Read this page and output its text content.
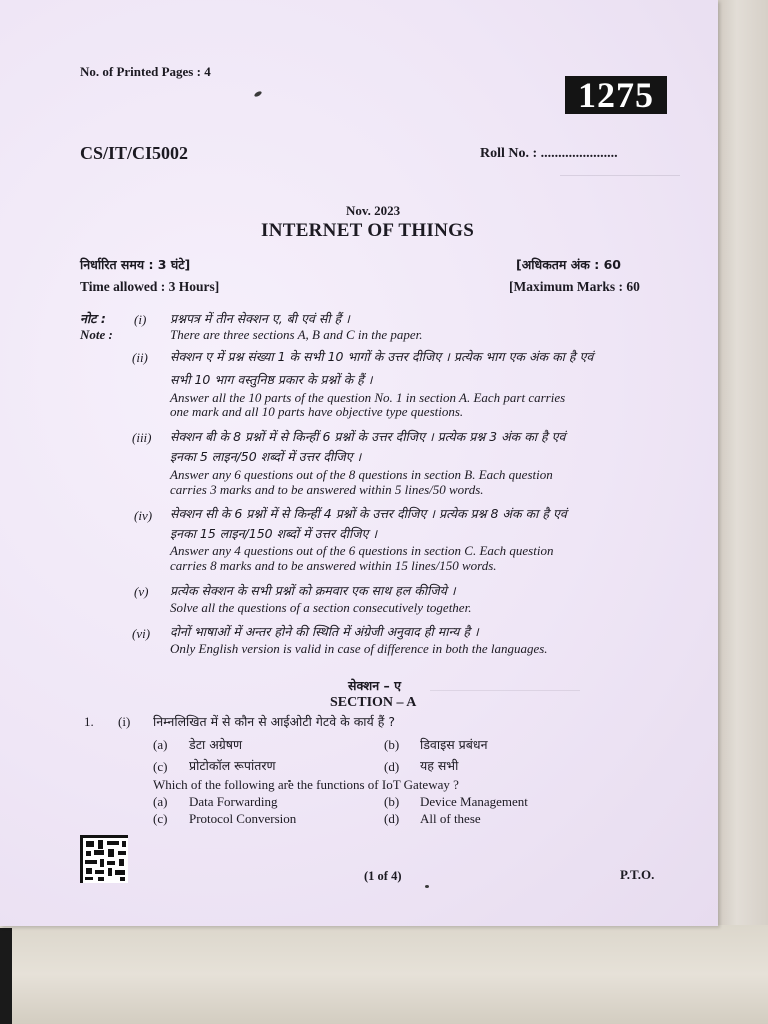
No. of Printed Pages : 4
1275
CS/IT/CI5002	Roll No. : ......................
Nov. 2023
INTERNET OF THINGS
निर्धारित समय : 3 घंटे]	[अधिकतम अंक : 60
Time allowed : 3 Hours]	[Maximum Marks : 60
नोट :
Note :
(i) प्रश्नपत्र में तीन सेक्शन ए, बी एवं सी हैं ।
There are three sections A, B and C in the paper.
(ii) सेक्शन ए में प्रश्न संख्या 1 के सभी 10 भागों के उत्तर दीजिए । प्रत्येक भाग एक अंक का है एवं
सभी 10 भाग वस्तुनिष्ठ प्रकार के प्रश्नों के हैं ।
Answer all the 10 parts of the question No. 1 in section A. Each part carries
one mark and all 10 parts have objective type questions.
(iii) सेक्शन बी के 8 प्रश्नों में से किन्हीं 6 प्रश्नों के उत्तर दीजिए । प्रत्येक प्रश्न 3 अंक का है एवं
इनका 5 लाइन/50 शब्दों में उत्तर दीजिए ।
Answer any 6 questions out of the 8 questions in section B. Each question
carries 3 marks and to be answered within 5 lines/50 words.
(iv) सेक्शन सी के 6 प्रश्नों में से किन्हीं 4 प्रश्नों के उत्तर दीजिए । प्रत्येक प्रश्न 8 अंक का है एवं
इनका 15 लाइन/150 शब्दों में उत्तर दीजिए ।
Answer any 4 questions out of the 6 questions in section C. Each question
carries 8 marks and to be answered within 15 lines/150 words.
(v) प्रत्येक सेक्शन के सभी प्रश्नों को क्रमवार एक साथ हल कीजिये ।
Solve all the questions of a section consecutively together.
(vi) दोनों भाषाओं में अन्तर होने की स्थिति में अंग्रेजी अनुवाद ही मान्य है ।
Only English version is valid in case of difference in both the languages.
सेक्शन – ए
SECTION – A
1. (i) निम्नलिखित में से कौन से आईओटी गेटवे के कार्य हैं ?
(a) डेटा अग्रेषण	(b) डिवाइस प्रबंधन
(c) प्रोटोकॉल रूपांतरण	(d) यह सभी
Which of the following are the functions of IoT Gateway ?
(a) Data Forwarding	(b) Device Management
(c) Protocol Conversion	(d) All of these
(1 of 4)	P.T.O.
